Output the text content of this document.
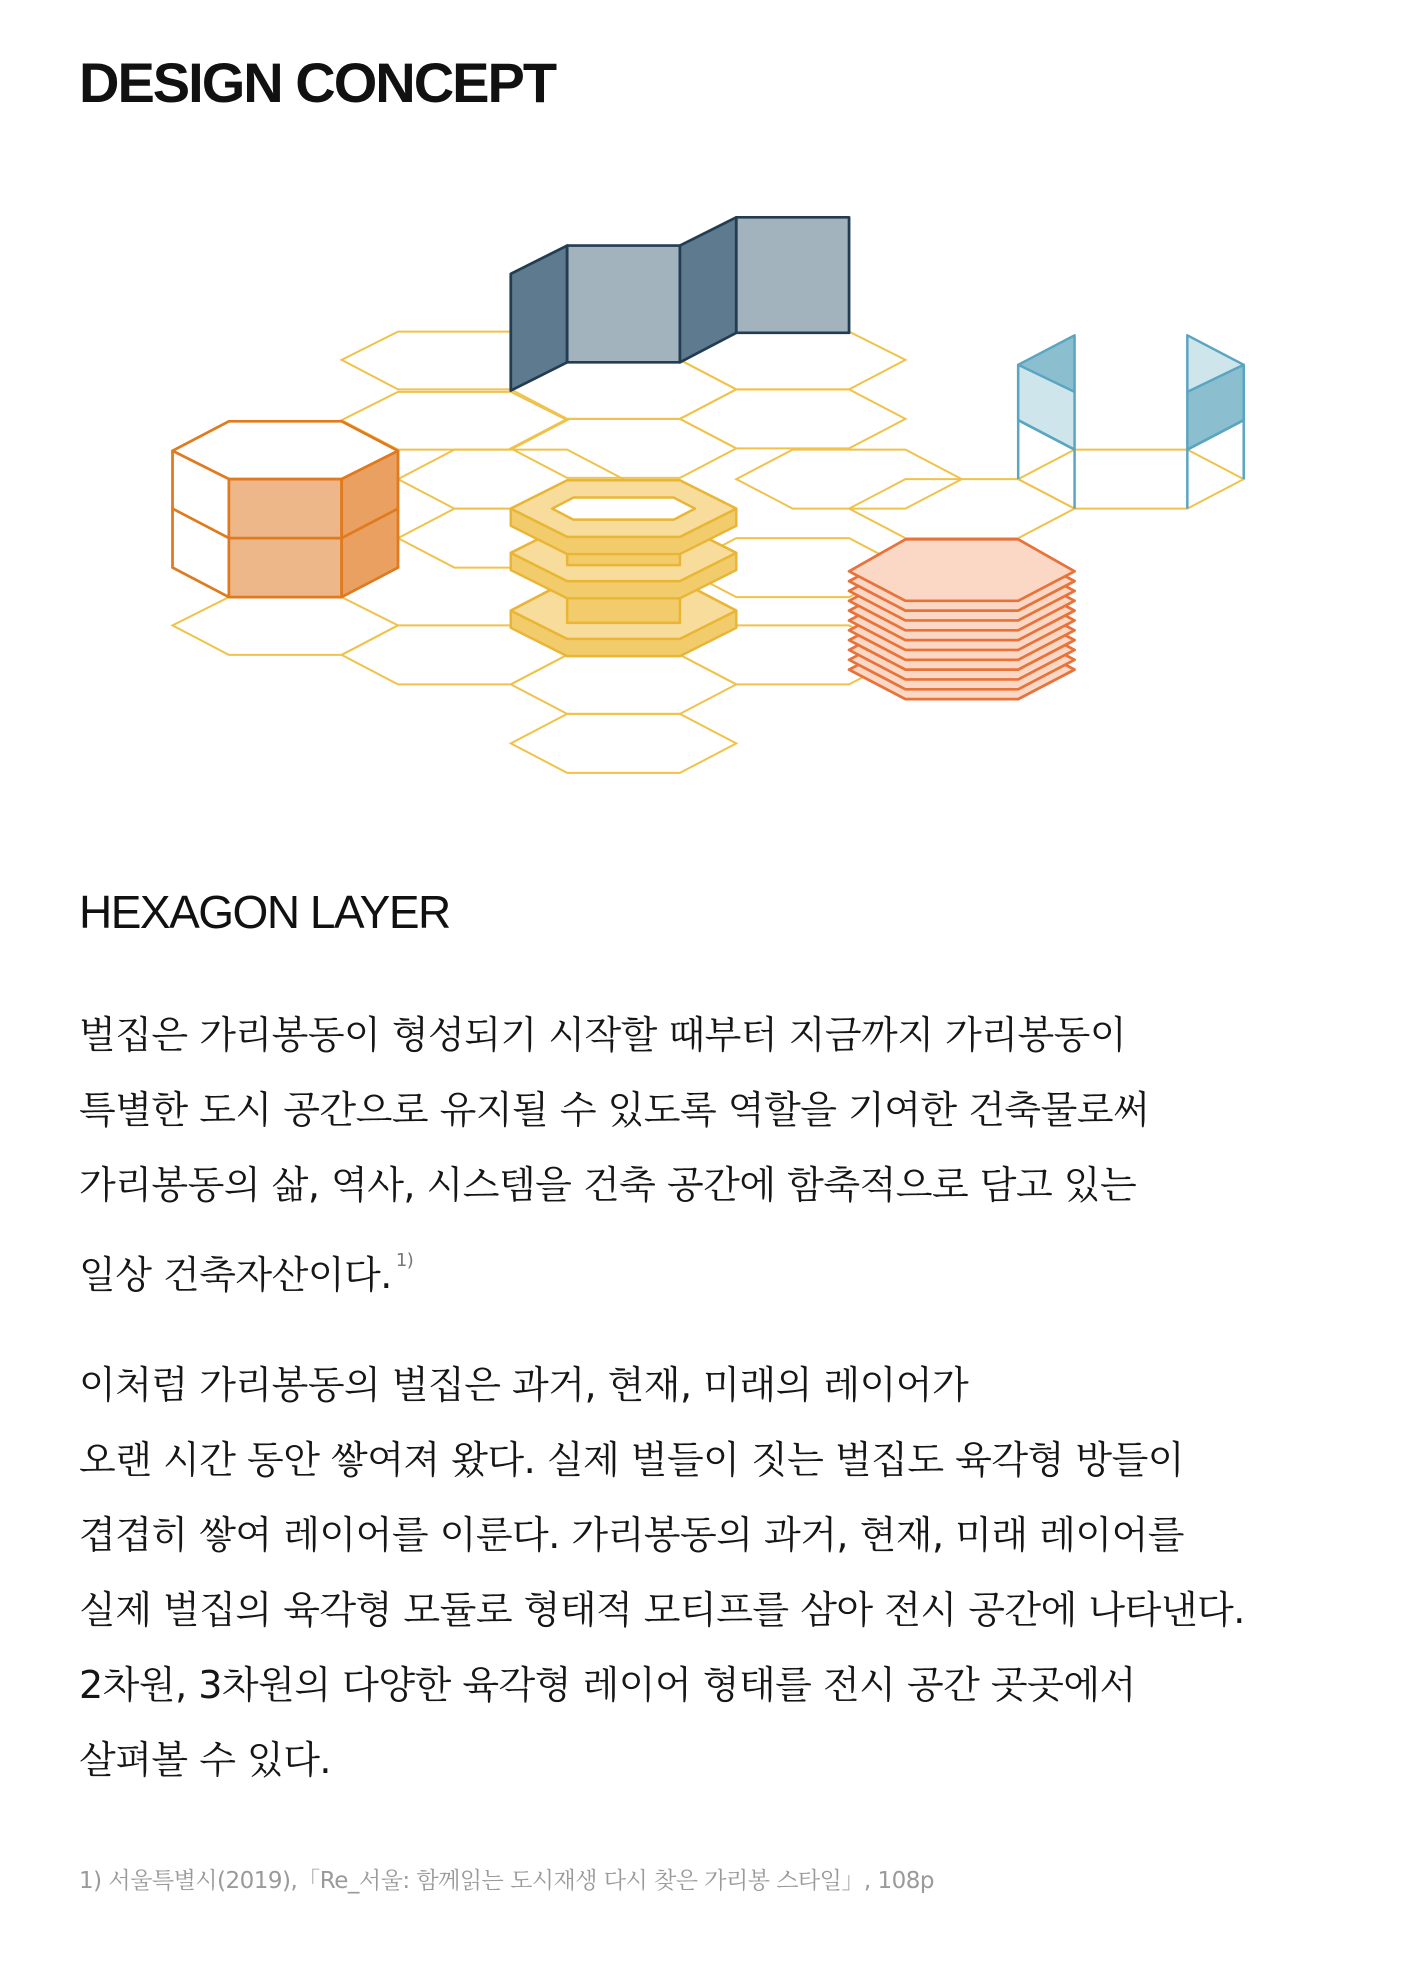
DESIGN CONCEPT
HEXAGON LAYER

벌집은 가리봉동이 형성되기 시작할 때부터 지금까지 가리봉동이
특별한 도시 공간으로 유지될 수 있도록 역할을 기여한 건축물로써
가리봉동의 삶, 역사, 시스템을 건축 공간에 함축적으로 담고 있는
일상 건축자산이다. $^{1)}$

이처럼 가리봉동의 벌집은 과거, 현재, 미래의 레이어가
오랜 시간 동안 쌓여져 왔다. 실제 벌들이 짓는 벌집도 육각형 방들이
겹겹히 쌓여 레이어를 이룬다. 가리봉동의 과거, 현재, 미래 레이어를
실제 벌집의 육각형 모듈로 형태적 모티프를 삼아 전시 공간에 나타낸다.
2차원, 3차원의 다양한 육각형 레이어 형태를 전시 공간 곳곳에서
살펴볼 수 있다.

1) 서울특별시(2019),「Re_서울: 함께읽는 도시재생 다시 찾은 가리봉 스타일」, 108p
